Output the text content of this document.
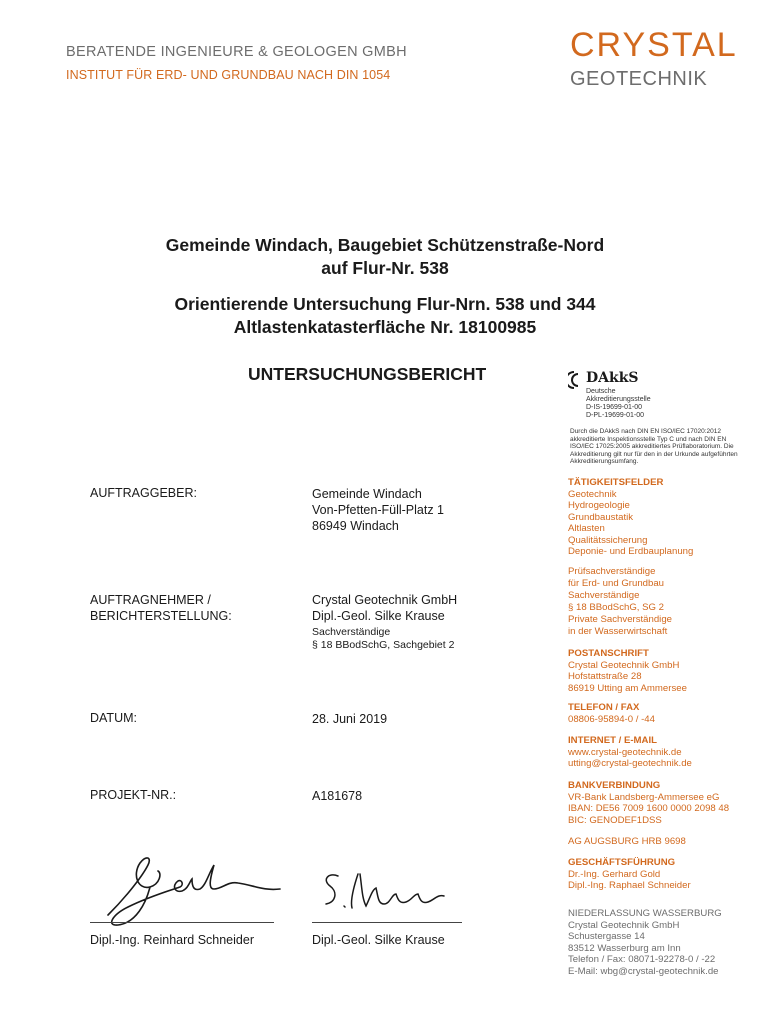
BERATENDE INGENIEURE & GEOLOGEN GMBH
INSTITUT FÜR ERD- UND GRUNDBAU NACH DIN 1054
CRYSTAL
GEOTECHNIK
Gemeinde Windach, Baugebiet Schützenstraße-Nord
auf Flur-Nr. 538
Orientierende Untersuchung Flur-Nrn. 538 und 344
Altlastenkatasterfläche Nr. 18100985
UNTERSUCHUNGSBERICHT	DAkkS
Deutsche
Akkreditierungsstelle
D-IS-19699-01-00
D-PL-19699-01-00
Durch die DAkkS nach DIN EN ISO/IEC 17020:2012 akkreditierte Inspektionsstelle Typ C und nach DIN EN ISO/IEC 17025:2005 akkreditiertes Prüflaboratorium. Die Akkreditierung gilt nur für den in der Urkunde aufgeführten Akkreditierungsumfang.
AUFTRAGGEBER:	Gemeinde Windach
Von-Pfetten-Füll-Platz 1
86949 Windach
AUFTRAGNEHMER /
BERICHTERSTELLUNG:
Crystal Geotechnik GmbH
Dipl.-Geol. Silke Krause
Sachverständige
§ 18 BBodSchG, Sachgebiet 2
DATUM:	28. Juni 2019
PROJEKT-NR.:	A181678
Dipl.-Ing. Reinhard Schneider	Dipl.-Geol. Silke Krause
TÄTIGKEITSFELDER
Geotechnik
Hydrogeologie
Grundbaustatik
Altlasten
Qualitätssicherung
Deponie- und Erdbauplanung
Prüfsachverständige
für Erd- und Grundbau
Sachverständige
§ 18 BBodSchG, SG 2
Private Sachverständige
in der Wasserwirtschaft
POSTANSCHRIFT
Crystal Geotechnik GmbH
Hofstattstraße 28
86919 Utting am Ammersee
TELEFON / FAX
08806-95894-0 / -44
INTERNET / E-MAIL
www.crystal-geotechnik.de
utting@crystal-geotechnik.de
BANKVERBINDUNG
VR-Bank Landsberg-Ammersee eG
IBAN: DE56 7009 1600 0000 2098 48
BIC: GENODEF1DSS
AG AUGSBURG HRB 9698
GESCHÄFTSFÜHRUNG
Dr.-Ing. Gerhard Gold
Dipl.-Ing. Raphael Schneider
NIEDERLASSUNG WASSERBURG
Crystal Geotechnik GmbH
Schustergasse 14
83512 Wasserburg am Inn
Telefon / Fax: 08071-92278-0 / -22
E-Mail: wbg@crystal-geotechnik.de
